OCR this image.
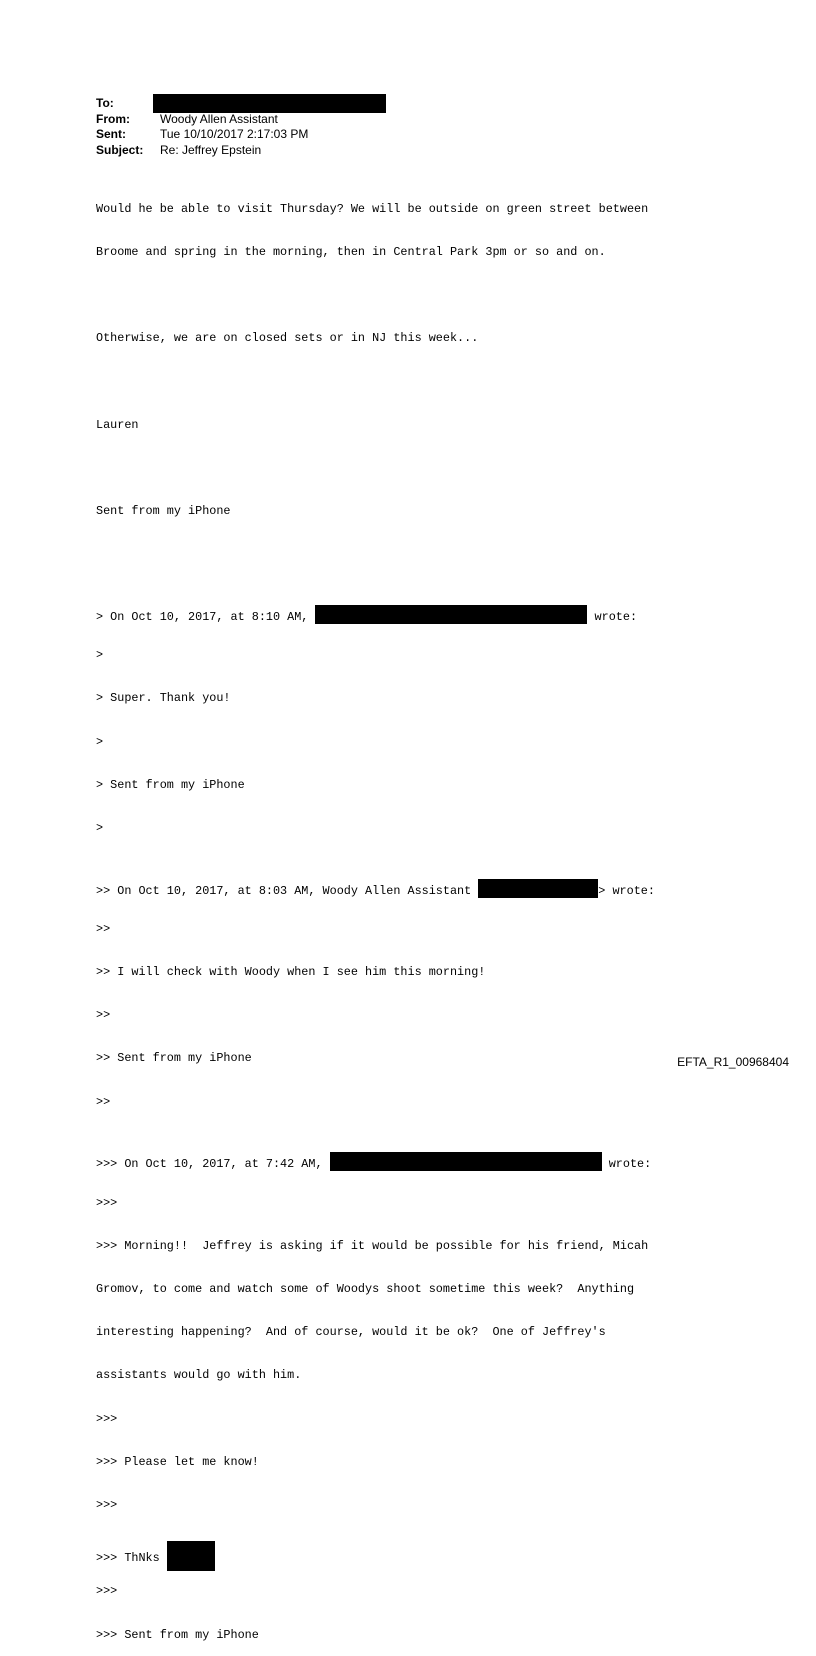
To:
From:	Woody Allen Assistant
Sent:	Tue 10/10/2017 2:17:03 PM
Subject:	Re: Jeffrey Epstein

Would he be able to visit Thursday? We will be outside on green street between

Broome and spring in the morning, then in Central Park 3pm or so and on.

Otherwise, we are on closed sets or in NJ this week...

Lauren

Sent from my iPhone

> On Oct 10, 2017, at 8:10 AM,	wrote:

>

> Super. Thank you!

>

> Sent from my iPhone

>

>> On Oct 10, 2017, at 8:03 AM, Woody Allen Assistant	> wrote:

>>

>> I will check with Woody when I see him this morning!

>>

>> Sent from my iPhone

>>

>>> On Oct 10, 2017, at 7:42 AM,	wrote:

>>>

>>> Morning!!  Jeffrey is asking if it would be possible for his friend, Micah

Gromov, to come and watch some of Woodys shoot sometime this week?  Anything

interesting happening?  And of course, would it be ok?  One of Jeffrey's

assistants would go with him.

>>>

>>> Please let me know!

>>>

>>> ThNks

>>>

>>> Sent from my iPhone

EFTA_R1_00968404
